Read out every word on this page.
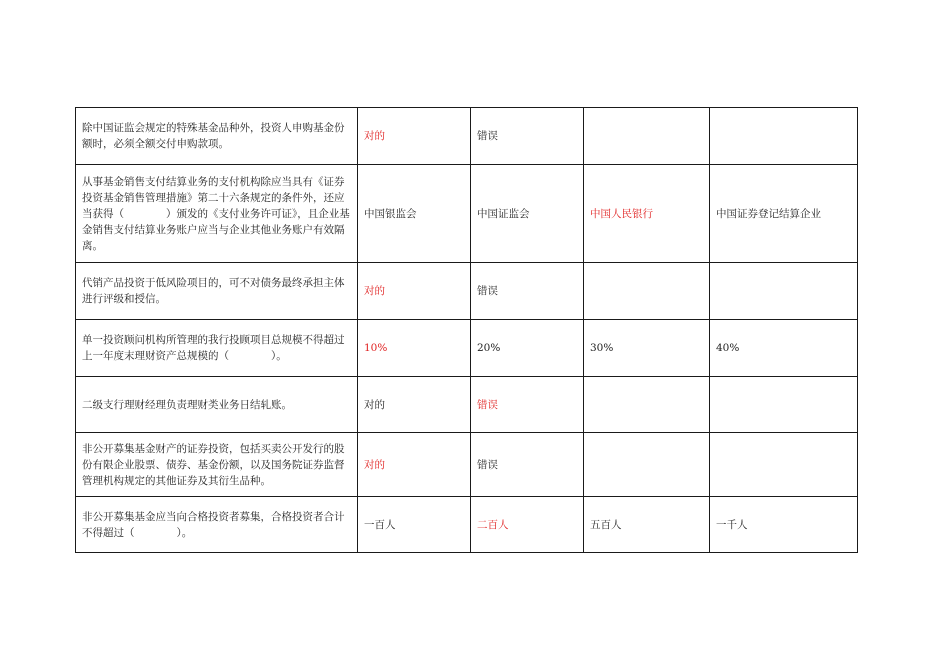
除中国证监会规定的特殊基金品种外，投资人申购基金份额时，必须全额交付申购款项。	对的	错误		
从事基金销售支付结算业务的支付机构除应当具有《证券投资基金销售管理措施》第二十六条规定的条件外，还应当获得（　　　　）颁发的《支付业务许可证》，且企业基金销售支付结算业务账户应当与企业其他业务账户有效隔离。	中国银监会	中国证监会	中国人民银行	中国证券登记结算企业
代销产品投资于低风险项目的，可不对债务最终承担主体进行评级和授信。	对的	错误		
单一投资顾问机构所管理的我行投顾项目总规模不得超过上一年度末理财资产总规模的（　　　　）。	10%	20%	30%	40%
二级支行理财经理负责理财类业务日结轧账。	对的	错误		
非公开募集基金财产的证券投资，包括买卖公开发行的股份有限企业股票、债券、基金份额，以及国务院证券监督管理机构规定的其他证券及其衍生品种。	对的	错误		
非公开募集基金应当向合格投资者募集，合格投资者合计不得超过（　　　　）。	一百人	二百人	五百人	一千人
